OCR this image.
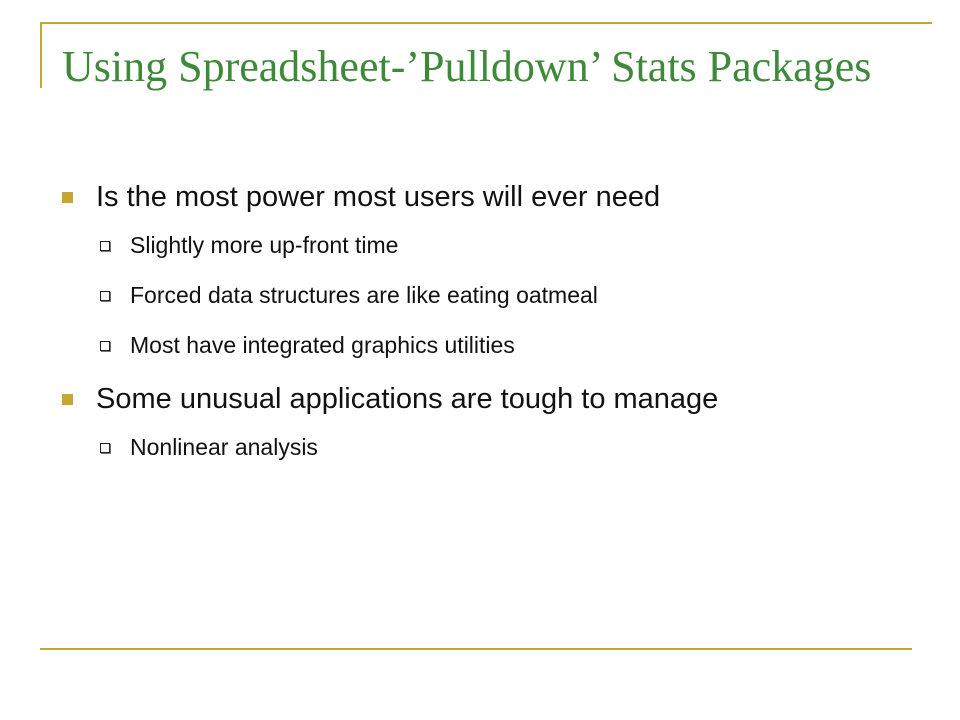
Using Spreadsheet-’Pulldown’ Stats Packages
Is the most power most users will ever need
Slightly more up-front time
Forced data structures are like eating oatmeal
Most have integrated graphics utilities
Some unusual applications are tough to manage
Nonlinear analysis
